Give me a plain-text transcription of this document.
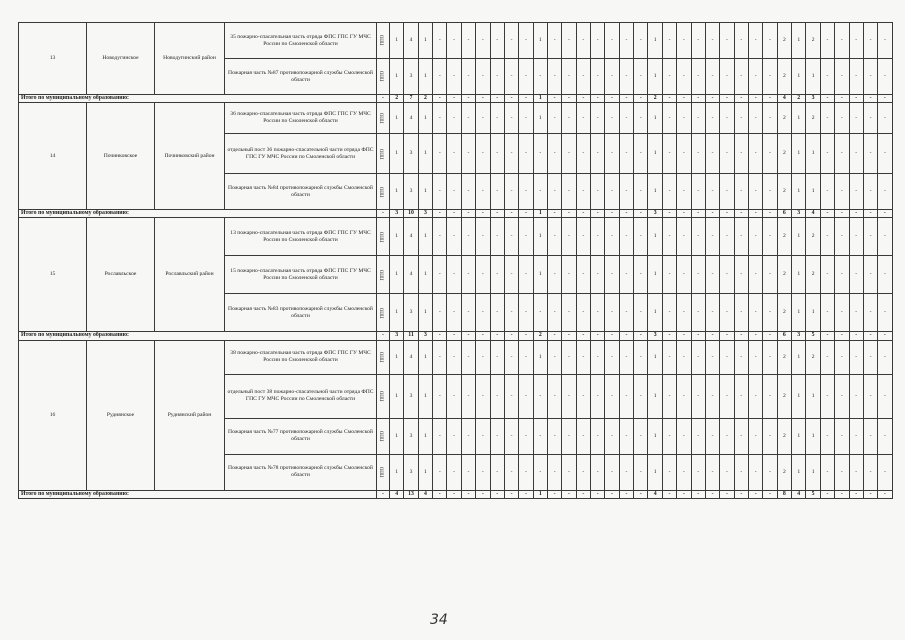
13	Новодугинское	Новодугинский район	35 пожарно-спасательная часть отряда ФПС ГПС ГУ МЧС России по Смоленской области	ППО	1	4	1	-	-	-	-	-	-	-	1	-	-	-	-	-	-	-	1	-	-	-	-	-	-	-	-	2	1	2	-	-	-	-	-
			Пожарная часть №87 противопожарной службы Смоленской области	ППО	1	3	1	-	-	-	-	-	-	-	-	-	-	-	-	-	-	-	1	-	-	-	-	-	-	-	-	2	1	1	-	-	-	-	-
Итого по муниципальному образованию:				-	2	7	2	-	-	-	-	-	-	-	1	-	-	-	-	-	-	-	2	-	-	-	-	-	-	-	-	4	2	3	-	-	-	-	-
14	Починковское	Починковский район	36 пожарно-спасательная часть отряда ФПС ГПС ГУ МЧС России по Смоленской области	ППО	1	4	1	-	-	-	-	-	-	-	1	-	-	-	-	-	-	-	1	-	-	-	-	-	-	-	-	2	1	2	-	-	-	-	-
			отдельный пост 36 пожарно-спасательной части отряда ФПС ГПС ГУ МЧС России по Смоленской области	ППО	1	3	1	-	-	-	-	-	-	-	-	-	-	-	-	-	-	-	1	-	-	-	-	-	-	-	-	2	1	1	-	-	-	-	-
			Пожарная часть №84 противопожарной службы Смоленской области	ППО	1	3	1	-	-	-	-	-	-	-	-	-	-	-	-	-	-	-	1	-	-	-	-	-	-	-	-	2	1	1	-	-	-	-	-
Итого по муниципальному образованию:				-	3	10	3	-	-	-	-	-	-	-	1	-	-	-	-	-	-	-	3	-	-	-	-	-	-	-	-	6	3	4	-	-	-	-	-
15	Рославльское	Рославльский район	13 пожарно-спасательная часть отряда ФПС ГПС ГУ МЧС России по Смоленской области	ППО	1	4	1	-	-	-	-	-	-	-	1	-	-	-	-	-	-	-	1	-	-	-	-	-	-	-	-	2	1	2	-	-	-	-	-
			15 пожарно-спасательная часть отряда ФПС ГПС ГУ МЧС России по Смоленской области	ППО	1	4	1	-	-	-	-	-	-	-	1	-	-	-	-	-	-	-	1	-	-	-	-	-	-	-	-	2	1	2	-	-	-	-	-
			Пожарная часть №83 противопожарной службы Смоленской области	ППО	1	3	1	-	-	-	-	-	-	-	-	-	-	-	-	-	-	-	1	-	-	-	-	-	-	-	-	2	1	1	-	-	-	-	-
Итого по муниципальному образованию:				-	3	11	3	-	-	-	-	-	-	-	2	-	-	-	-	-	-	-	3	-	-	-	-	-	-	-	-	6	3	5	-	-	-	-	-
16	Руднянское	Руднянский район	38 пожарно-спасательная часть отряда ФПС ГПС ГУ МЧС России по Смоленской области	ППО	1	4	1	-	-	-	-	-	-	-	1	-	-	-	-	-	-	-	1	-	-	-	-	-	-	-	-	2	1	2	-	-	-	-	-
			отдельный пост 38 пожарно-спасательной части отряда ФПС ГПС ГУ МЧС России по Смоленской области	ППО	1	3	1	-	-	-	-	-	-	-	-	-	-	-	-	-	-	-	1	-	-	-	-	-	-	-	-	2	1	1	-	-	-	-	-
			Пожарная часть №77 противопожарной службы Смоленской области	ППО	1	3	1	-	-	-	-	-	-	-	-	-	-	-	-	-	-	-	1	-	-	-	-	-	-	-	-	2	1	1	-	-	-	-	-
			Пожарная часть №78 противопожарной службы Смоленской области	ППО	1	3	1	-	-	-	-	-	-	-	-	-	-	-	-	-	-	-	1	-	-	-	-	-	-	-	-	2	1	1	-	-	-	-	-
Итого по муниципальному образованию:				-	4	13	4	-	-	-	-	-	-	-	1	-	-	-	-	-	-	-	4	-	-	-	-	-	-	-	-	8	4	5	-	-	-	-	-
34
